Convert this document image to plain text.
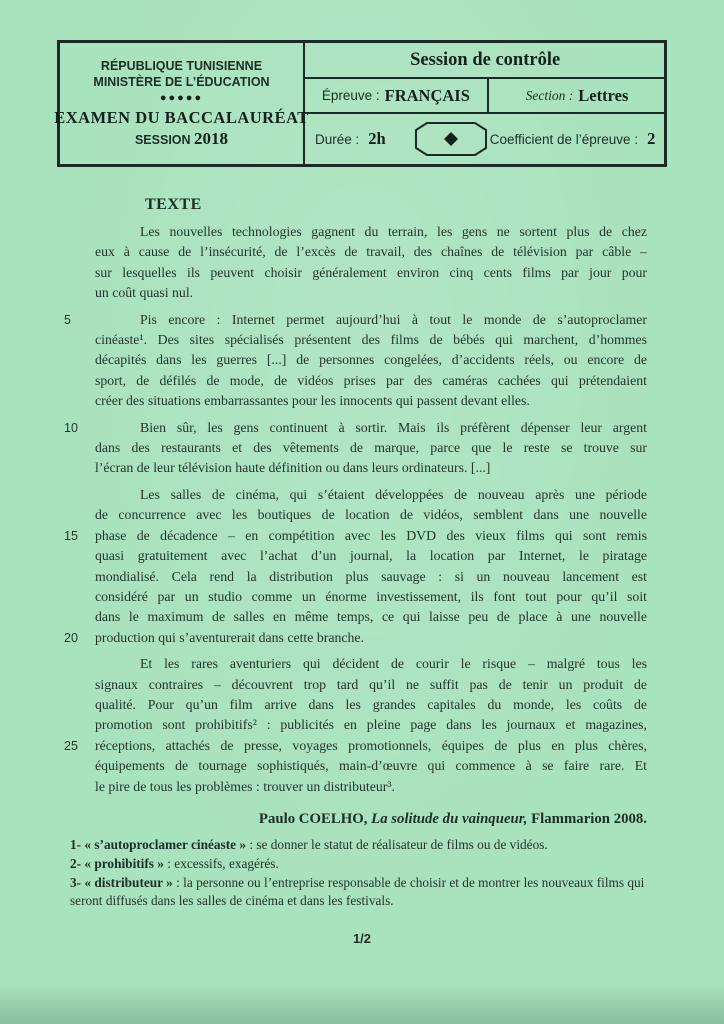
RÉPUBLIQUE TUNISIENNE
MINISTÈRE DE L’ÉDUCATION
●●●●●
EXAMEN DU BACCALAURÉAT
SESSION 2018
Session de contrôle
Épreuve : FRANÇAIS	Section : Lettres
Durée : 2h	Coefficient de l’épreuve : 2
TEXTE
Les nouvelles technologies gagnent du terrain, les gens ne sortent plus de chez
eux à cause de l’insécurité, de l’excès de travail, des chaînes de télévision par câble –
sur lesquelles ils peuvent choisir généralement environ cinq cents films par jour pour
un coût quasi nul.
5	Pis encore : Internet permet aujourd’hui à tout le monde de s’autoproclamer
cinéaste¹. Des sites spécialisés présentent des films de bébés qui marchent, d’hommes
décapités dans les guerres [...] de personnes congelées, d’accidents réels, ou encore de
sport, de défilés de mode, de vidéos prises par des caméras cachées qui prétendaient
créer des situations embarrassantes pour les innocents qui passent devant elles.
10	Bien sûr, les gens continuent à sortir. Mais ils préfèrent dépenser leur argent
dans des restaurants et des vêtements de marque, parce que le reste se trouve sur
l’écran de leur télévision haute définition ou dans leurs ordinateurs. [...]
Les salles de cinéma, qui s’étaient développées de nouveau après une période
de concurrence avec les boutiques de location de vidéos, semblent dans une nouvelle
15	phase de décadence – en compétition avec les DVD des vieux films qui sont remis
quasi gratuitement avec l’achat d’un journal, la location par Internet, le piratage
mondialisé. Cela rend la distribution plus sauvage : si un nouveau lancement est
considéré par un studio comme un énorme investissement, ils font tout pour qu’il soit
dans le maximum de salles en même temps, ce qui laisse peu de place à une nouvelle
20	production qui s’aventurerait dans cette branche.
Et les rares aventuriers qui décident de courir le risque – malgré tous les
signaux contraires – découvrent trop tard qu’il ne suffit pas de tenir un produit de
qualité. Pour qu’un film arrive dans les grandes capitales du monde, les coûts de
promotion sont prohibitifs² : publicités en pleine page dans les journaux et magazines,
25	réceptions, attachés de presse, voyages promotionnels, équipes de plus en plus chères,
équipements de tournage sophistiqués, main-d’œuvre qui commence à se faire rare. Et
le pire de tous les problèmes : trouver un distributeur³.
Paulo COELHO, La solitude du vainqueur, Flammarion 2008.
1- « s’autoproclamer cinéaste » : se donner le statut de réalisateur de films ou de vidéos.
2- « prohibitifs » : excessifs, exagérés.
3- « distributeur » : la personne ou l’entreprise responsable de choisir et de montrer les nouveaux films qui seront diffusés dans les salles de cinéma et dans les festivals.
1/2
